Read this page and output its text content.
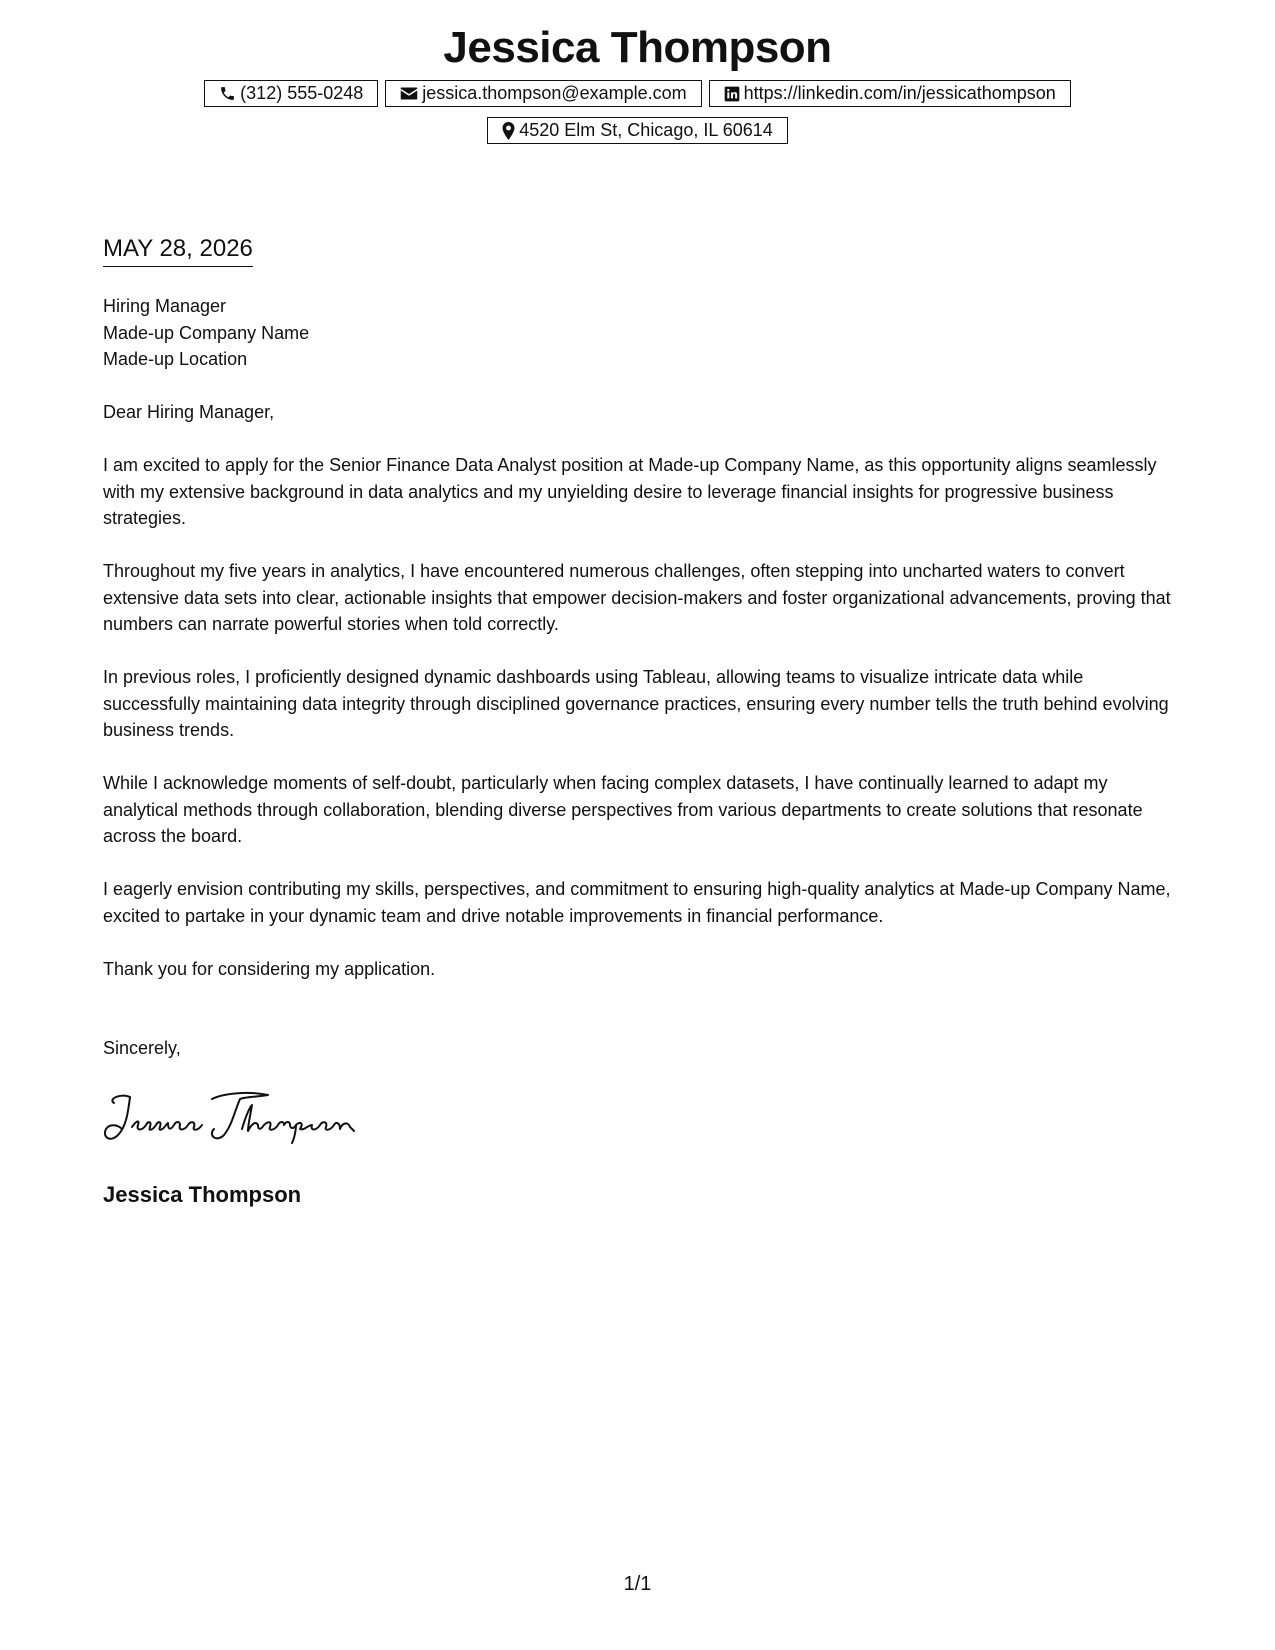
Jessica Thompson
(312) 555-0248	jessica.thompson@example.com	https://linkedin.com/in/jessicathompson
4520 Elm St, Chicago, IL 60614
MAY 28, 2026
Hiring Manager
Made-up Company Name
Made-up Location

Dear Hiring Manager,

I am excited to apply for the Senior Finance Data Analyst position at Made-up Company Name, as this opportunity aligns seamlessly with my extensive background in data analytics and my unyielding desire to leverage financial insights for progressive business strategies.

Throughout my five years in analytics, I have encountered numerous challenges, often stepping into uncharted waters to convert extensive data sets into clear, actionable insights that empower decision-makers and foster organizational advancements, proving that numbers can narrate powerful stories when told correctly.

In previous roles, I proficiently designed dynamic dashboards using Tableau, allowing teams to visualize intricate data while successfully maintaining data integrity through disciplined governance practices, ensuring every number tells the truth behind evolving business trends.

While I acknowledge moments of self-doubt, particularly when facing complex datasets, I have continually learned to adapt my analytical methods through collaboration, blending diverse perspectives from various departments to create solutions that resonate across the board.

I eagerly envision contributing my skills, perspectives, and commitment to ensuring high-quality analytics at Made-up Company Name, excited to partake in your dynamic team and drive notable improvements in financial performance.

Thank you for considering my application.

Sincerely,
Jessica Thompson
1/1
